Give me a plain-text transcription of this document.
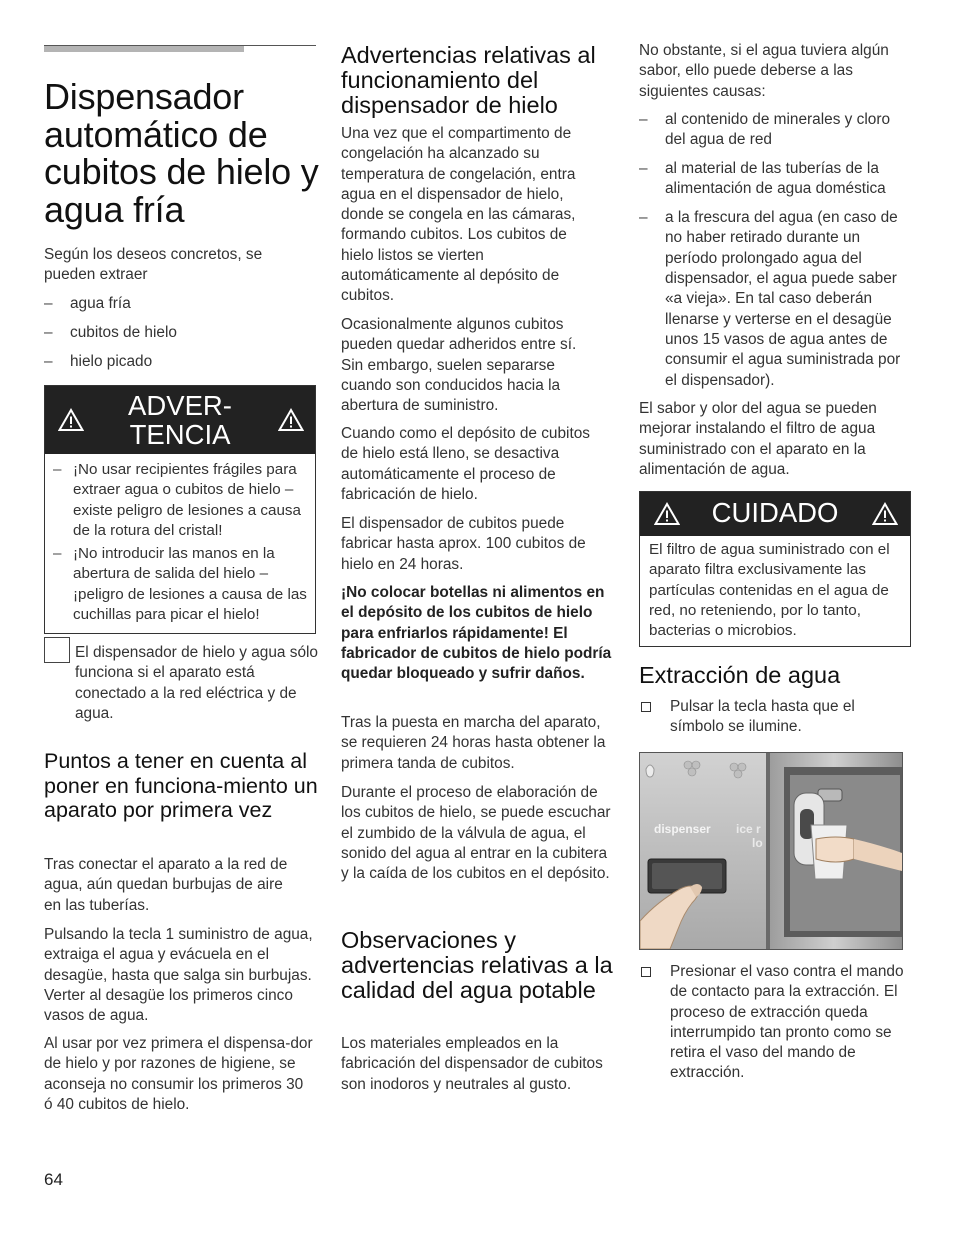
Dispensador automático de cubitos de hielo y agua fría

Según los deseos concretos, se pueden extraer

– agua fría
– cubitos de hielo
– hielo picado
ADVER-
TENCIA
– ¡No usar recipientes frágiles para extraer agua o cubitos de hielo – existe peligro de lesiones a causa de la rotura del cristal!
– ¡No introducir las manos en la abertura de salida del hielo – ¡peligro de lesiones a causa de las cuchillas para picar el hielo!

El dispensador de hielo y agua sólo funciona si el aparato está conectado a la red eléctrica y de agua.

Puntos a tener en cuenta al poner en funciona-miento un aparato por primera vez

Tras conectar el aparato a la red de agua, aún quedan burbujas de aire en las tuberías.

Pulsando la tecla 1 suministro de agua, extraiga el agua y evácuela en el desagüe, hasta que salga sin burbujas. Verter al desagüe los primeros cinco vasos de agua.

Al usar por vez primera el dispensa-dor de hielo y por razones de higiene, se aconseja no consumir los primeros 30 ó 40 cubitos de hielo.

64
Advertencias relativas al funcionamiento del dispensador de hielo

Una vez que el compartimento de congelación ha alcanzado su temperatura de congelación, entra agua en el dispensador de hielo, donde se congela en las cámaras, formando cubitos. Los cubitos de hielo listos se vierten automáticamente al depósito de cubitos.

Ocasionalmente algunos cubitos pueden quedar adheridos entre sí. Sin embargo, suelen separarse cuando son conducidos hacia la abertura de suministro.

Cuando como el depósito de cubitos de hielo está lleno, se desactiva automáticamente el proceso de fabricación de hielo.

El dispensador de cubitos puede fabricar hasta aprox. 100 cubitos de hielo en 24 horas.

¡No colocar botellas ni alimentos en el depósito de los cubitos de hielo para enfriarlos rápidamente! El fabricador de cubitos de hielo podría quedar bloqueado y sufrir daños.

Tras la puesta en marcha del aparato, se requieren 24 horas hasta obtener la primera tanda de cubitos.

Durante el proceso de elaboración de los cubitos de hielo, se puede escuchar el zumbido de la válvula de agua, el sonido del agua al entrar en la cubitera y la caída de los cubitos en el depósito.

Observaciones y advertencias relativas a la calidad del agua potable

Los materiales empleados en la fabricación del dispensador de cubitos son inodoros y neutrales al gusto.

No obstante, si el agua tuviera algún sabor, ello puede deberse a las siguientes causas:

– al contenido de minerales y cloro del agua de red
– al material de las tuberías de la alimentación de agua doméstica
– a la frescura del agua (en caso de no haber retirado durante un período prolongado agua del dispensador, el agua puede saber «a vieja». En tal caso deberán llenarse y verterse en el desagüe unos 15 vasos de agua antes de consumir el agua suministrada por el dispensador).

El sabor y olor del agua se pueden mejorar instalando el filtro de agua suministrado con el aparato en la alimentación de agua.

CUIDADO

El filtro de agua suministrado con el aparato filtra exclusivamente las partículas contenidas en el agua de red, no reteniendo, por lo tanto, bacterias o microbios.

Extracción de agua
Pulsar la tecla hasta que el símbolo se ilumine.
dispenser ice r
lo
Presionar el vaso contra el mando de contacto para la extracción. El proceso de extracción queda interrumpido tan pronto como se retira el vaso del mando de extracción.
